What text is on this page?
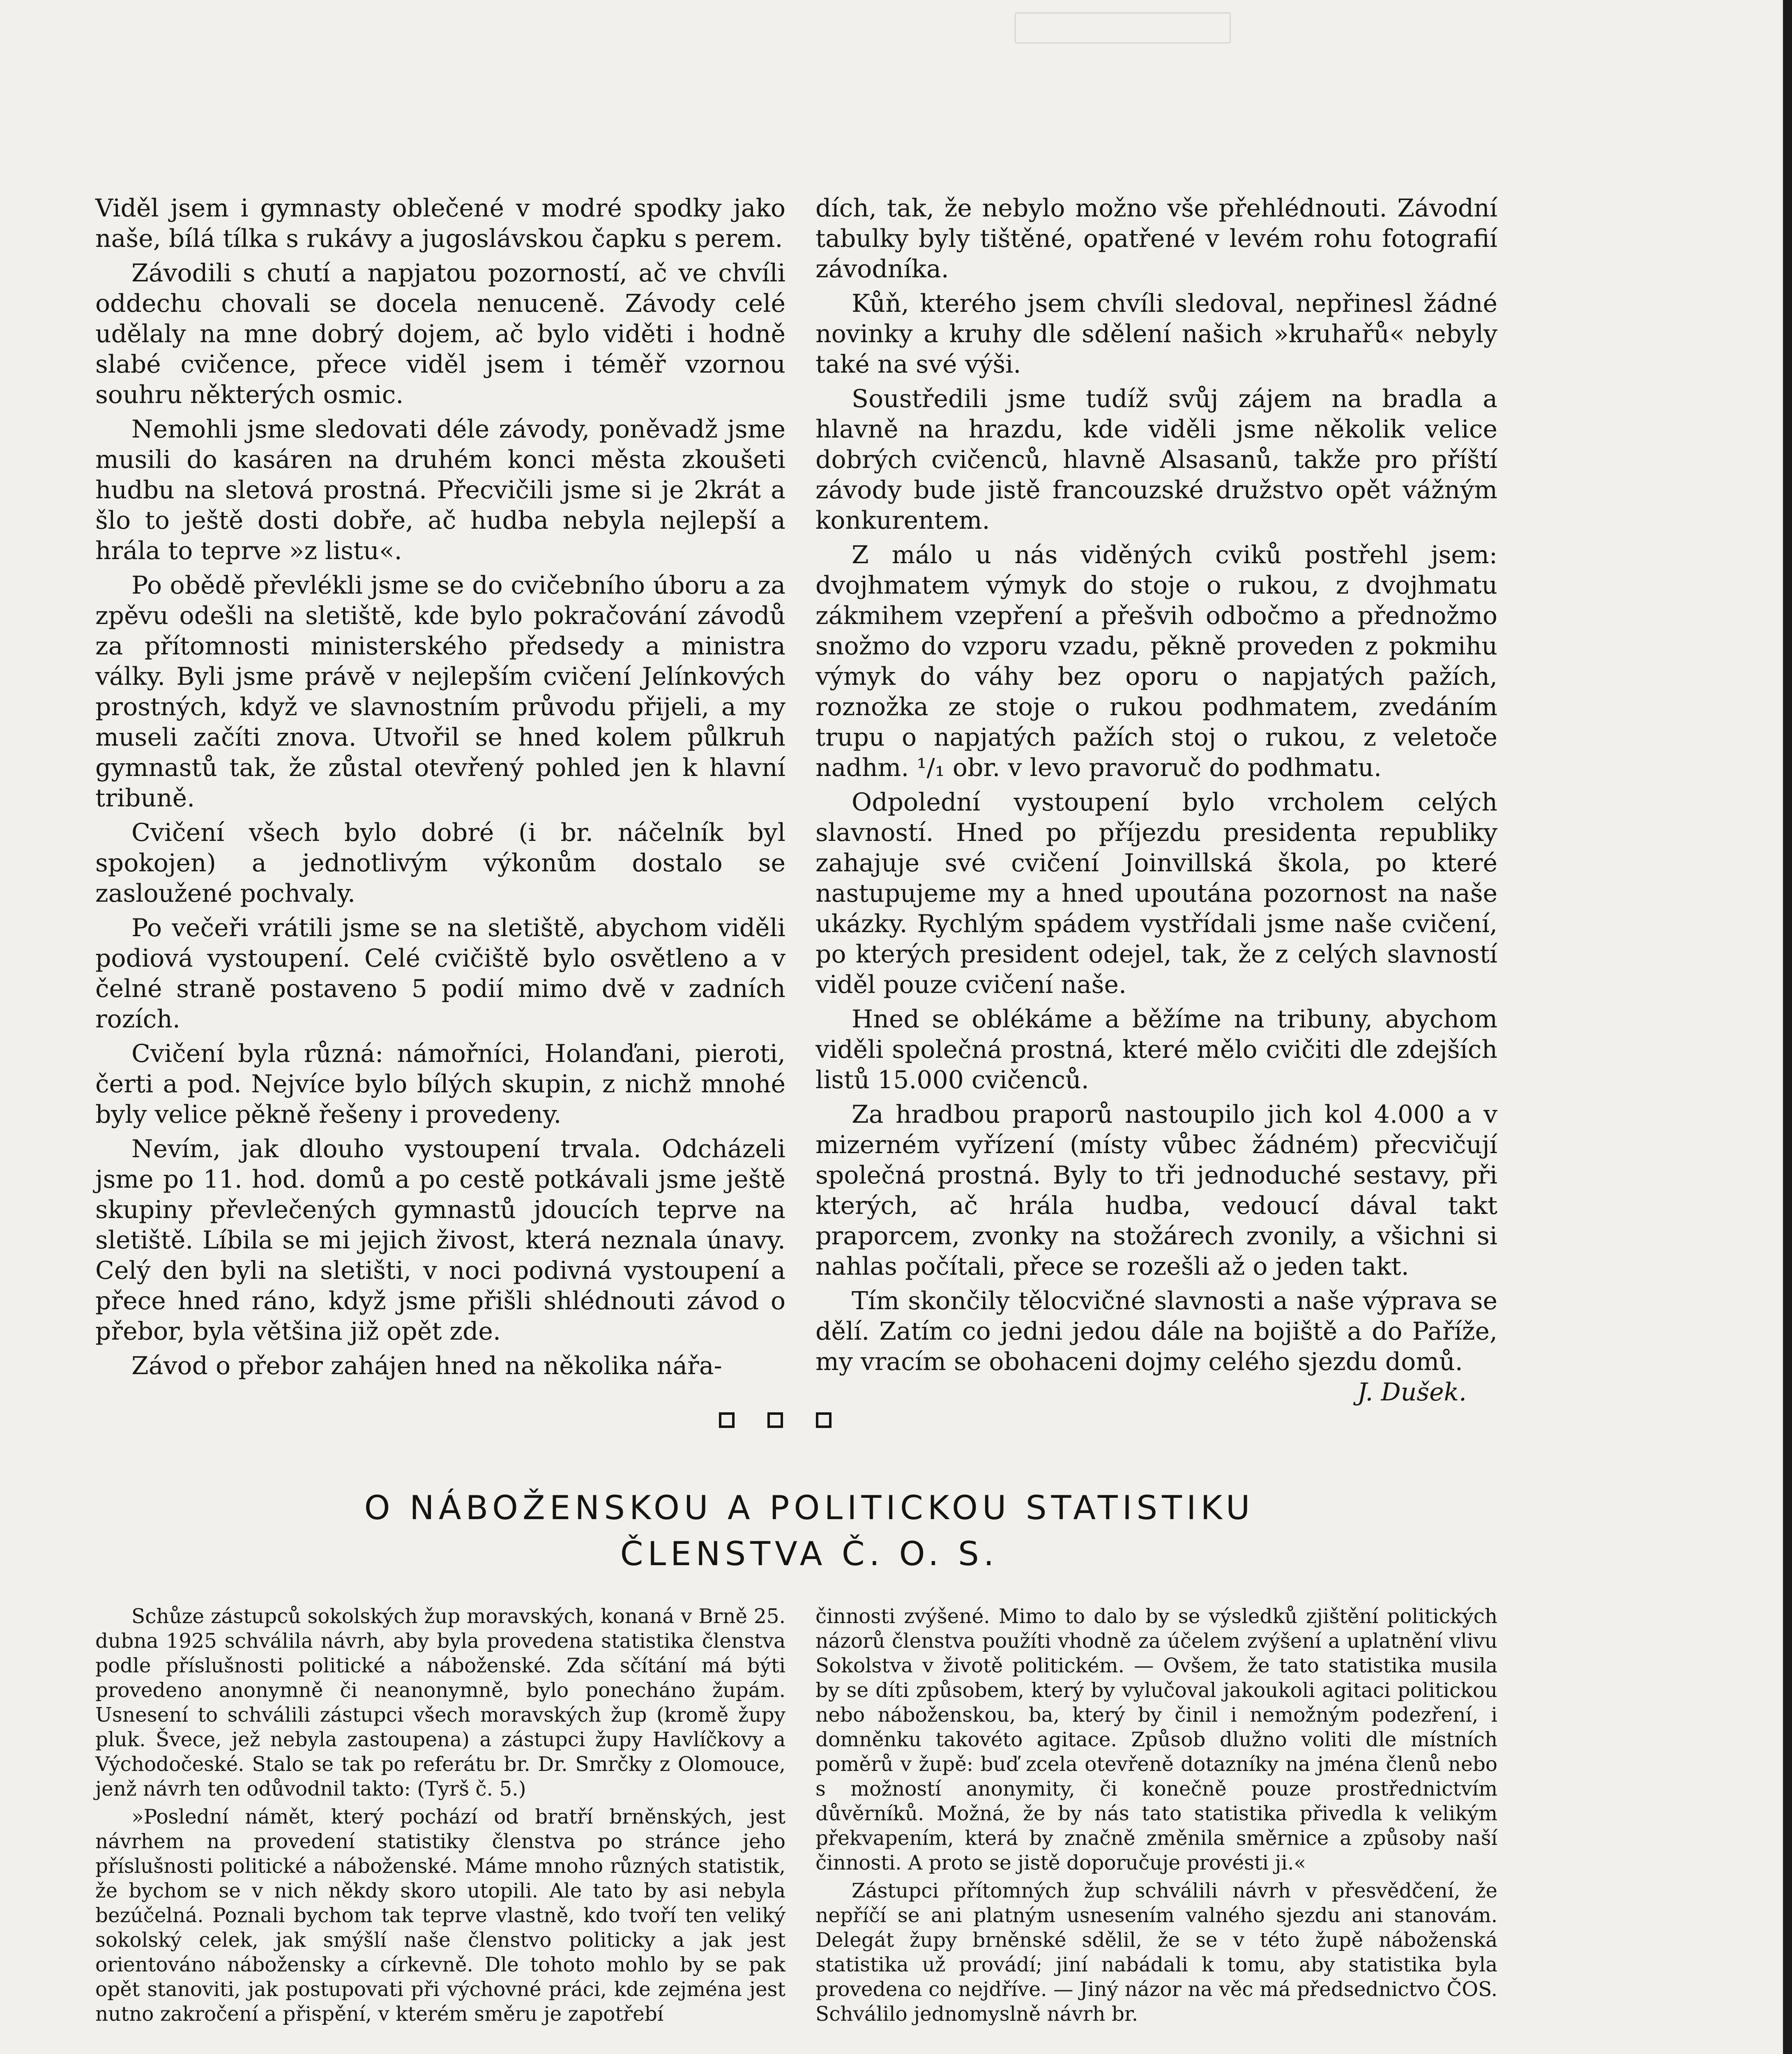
Viděl jsem i gymnasty oblečené v modré spodky jako naše, bílá tílka s rukávy a jugoslávskou čapku s perem.

Závodili s chutí a napjatou pozorností, ač ve chvíli oddechu chovali se docela nenuceně. Závody celé udělaly na mne dobrý dojem, ač bylo viděti i hodně slabé cvičence, přece viděl jsem i téměř vzornou souhru některých osmic.

Nemohli jsme sledovati déle závody, poněvadž jsme musili do kasáren na druhém konci města zkoušeti hudbu na sletová prostná. Přecvičili jsme si je 2krát a šlo to ještě dosti dobře, ač hudba nebyla nejlepší a hrála to teprve »z listu«.

Po obědě převlékli jsme se do cvičebního úboru a za zpěvu odešli na sletiště, kde bylo pokračování závodů za přítomnosti ministerského předsedy a ministra války. Byli jsme právě v nejlepším cvičení Jelínkových prostných, když ve slavnostním průvodu přijeli, a my museli začíti znova. Utvořil se hned kolem půlkruh gymnastů tak, že zůstal otevřený pohled jen k hlavní tribuně.

Cvičení všech bylo dobré (i br. náčelník byl spokojen) a jednotlivým výkonům dostalo se zasloužené pochvaly.

Po večeři vrátili jsme se na sletiště, abychom viděli podiová vystoupení. Celé cvičiště bylo osvětleno a v čelné straně postaveno 5 podií mimo dvě v zadních rozích.

Cvičení byla různá: námořníci, Holanďani, pieroti, čerti a pod. Nejvíce bylo bílých skupin, z nichž mnohé byly velice pěkně řešeny i provedeny.

Nevím, jak dlouho vystoupení trvala. Odcházeli jsme po 11. hod. domů a po cestě potkávali jsme ještě skupiny převlečených gymnastů jdoucích teprve na sletiště. Líbila se mi jejich živost, která neznala únavy. Celý den byli na sletišti, v noci podivná vystoupení a přece hned ráno, když jsme přišli shlédnouti závod o přebor, byla většina již opět zde.

Závod o přebor zahájen hned na několika nářa-

dích, tak, že nebylo možno vše přehlédnouti. Závodní tabulky byly tištěné, opatřené v levém rohu fotografií závodníka.

Kůň, kterého jsem chvíli sledoval, nepřinesl žádné novinky a kruhy dle sdělení našich »kruhařů« nebyly také na své výši.

Soustředili jsme tudíž svůj zájem na bradla a hlavně na hrazdu, kde viděli jsme několik velice dobrých cvičenců, hlavně Alsasanů, takže pro příští závody bude jistě francouzské družstvo opět vážným konkurentem.

Z málo u nás viděných cviků postřehl jsem: dvojhmatem výmyk do stoje o rukou, z dvojhmatu zákmihem vzepření a přešvih odbočmo a přednožmo snožmo do vzporu vzadu, pěkně proveden z pokmihu výmyk do váhy bez oporu o napjatých pažích, roznožka ze stoje o rukou podhmatem, zvedáním trupu o napjatých pažích stoj o rukou, z veletoče nadhm. ¹/₁ obr. v levo pravoruč do podhmatu.

Odpolední vystoupení bylo vrcholem celých slavností. Hned po příjezdu presidenta republiky zahajuje své cvičení Joinvillská škola, po které nastupujeme my a hned upoutána pozornost na naše ukázky. Rychlým spádem vystřídali jsme naše cvičení, po kterých president odejel, tak, že z celých slavností viděl pouze cvičení naše.

Hned se oblékáme a běžíme na tribuny, abychom viděli společná prostná, které mělo cvičiti dle zdejších listů 15.000 cvičenců.

Za hradbou praporů nastoupilo jich kol 4.000 a v mizerném vyřízení (místy vůbec žádném) přecvičují společná prostná. Byly to tři jednoduché sestavy, při kterých, ač hrála hudba, vedoucí dával takt praporcem, zvonky na stožárech zvonily, a všichni si nahlas počítali, přece se rozešli až o jeden takt.

Tím skončily tělocvičné slavnosti a naše výprava se dělí. Zatím co jedni jedou dále na bojiště a do Paříže, my vracím se obohaceni dojmy celého sjezdu domů.
J. Dušek.

O NÁBOŽENSKOU A POLITICKOU STATISTIKU
ČLENSTVA Č. O. S.

Schůze zástupců sokolských žup moravských, konaná v Brně 25. dubna 1925 schválila návrh, aby byla provedena statistika členstva podle příslušnosti politické a náboženské. Zda sčítání má býti provedeno anonymně či neanonymně, bylo ponecháno župám. Usnesení to schválili zástupci všech moravských žup (kromě župy pluk. Švece, jež nebyla zastoupena) a zástupci župy Havlíčkovy a Východočeské. Stalo se tak po referátu br. Dr. Smrčky z Olomouce, jenž návrh ten odůvodnil takto: (Tyrš č. 5.)

»Poslední námět, který pochází od bratří brněnských, jest návrhem na provedení statistiky členstva po stránce jeho příslušnosti politické a náboženské. Máme mnoho různých statistik, že bychom se v nich někdy skoro utopili. Ale tato by asi nebyla bezúčelná. Poznali bychom tak teprve vlastně, kdo tvoří ten veliký sokolský celek, jak smýšlí naše členstvo politicky a jak jest orientováno nábožensky a církevně. Dle tohoto mohlo by se pak opět stanoviti, jak postupovati při výchovné práci, kde zejména jest nutno zakročení a přispění, v kterém směru je zapotřebí

činnosti zvýšené. Mimo to dalo by se výsledků zjištění politických názorů členstva použíti vhodně za účelem zvýšení a uplatnění vlivu Sokolstva v životě politickém. — Ovšem, že tato statistika musila by se díti způsobem, který by vylučoval jakoukoli agitaci politickou nebo náboženskou, ba, který by činil i nemožným podezření, i domněnku takovéto agitace. Způsob dlužno voliti dle místních poměrů v župě: buď zcela otevřeně dotazníky na jména členů nebo s možností anonymity, či konečně pouze prostřednictvím důvěrníků. Možná, že by nás tato statistika přivedla k velikým překvapením, která by značně změnila směrnice a způsoby naší činnosti. A proto se jistě doporučuje provésti ji.«

Zástupci přítomných žup schválili návrh v přesvědčení, že nepříčí se ani platným usnesením valného sjezdu ani stanovám. Delegát župy brněnské sdělil, že se v této župě náboženská statistika už provádí; jiní nabádali k tomu, aby statistika byla provedena co nejdříve. — Jiný názor na věc má předsednictvo ČOS. Schválilo jednomyslně návrh br.
